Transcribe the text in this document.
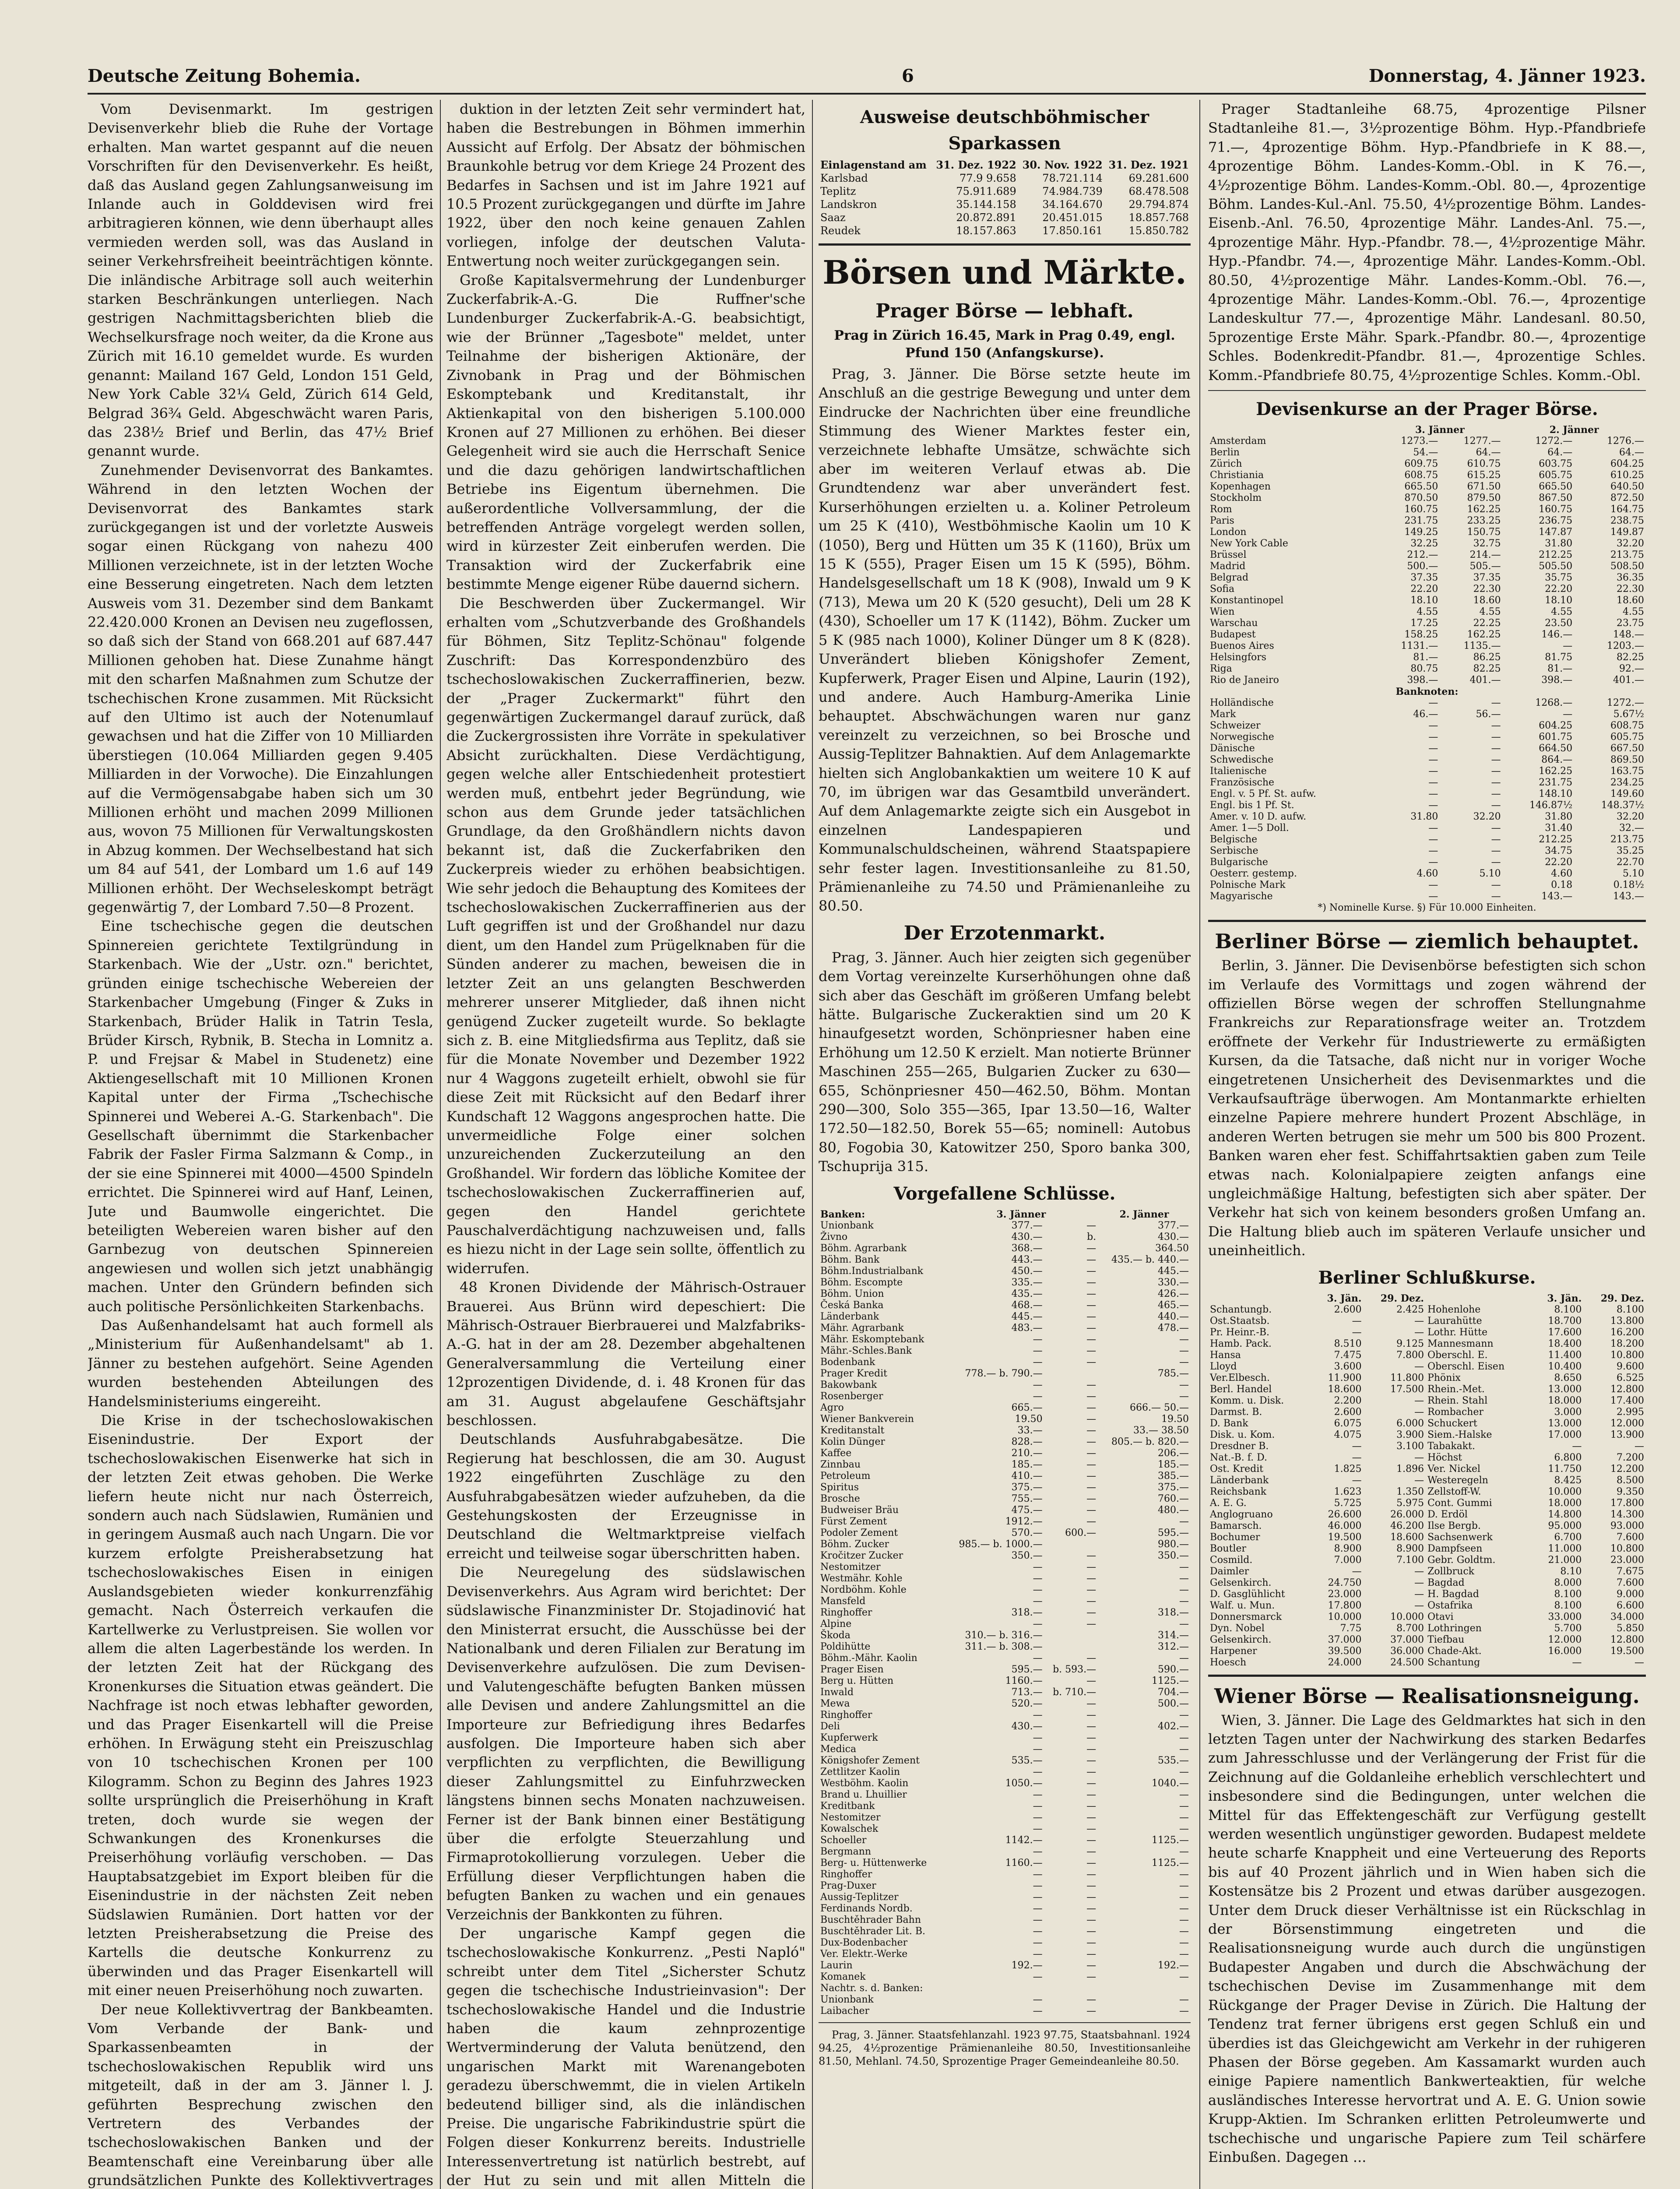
Deutsche Zeitung Bohemia.	6	Donnerstag, 4. Jänner 1923.

Vom Devisenmarkt. Im gestrigen Devisenverkehr blieb die Ruhe der Vortage erhalten. Man wartet gespannt auf die neuen Vorschriften für den Devisenverkehr. Es heißt, daß das Ausland gegen Zahlungsanweisung im Inlande auch in Golddevisen wird frei arbitragieren können, wie denn überhaupt alles vermieden werden soll, was das Ausland in seiner Verkehrsfreiheit beeinträchtigen könnte. Die inländische Arbitrage soll auch weiterhin starken Beschränkungen unterliegen. Nach gestrigen Nachmittagsberichten blieb die Wechselkursfrage noch weiter, da die Krone aus Zürich mit 16.10 gemeldet wurde. Es wurden genannt: Mailand 167 Geld, London 151 Geld, New York Cable 32¼ Geld, Zürich 614 Geld, Belgrad 36¾ Geld. Abgeschwächt waren Paris, das 238½ Brief und Berlin, das 47½ Brief genannt wurde.

Zunehmender Devisenvorrat des Bankamtes. Während in den letzten Wochen der Devisenvorrat des Bankamtes stark zurückgegangen ist und der vorletzte Ausweis sogar einen Rückgang von nahezu 400 Millionen verzeichnete, ist in der letzten Woche eine Besserung eingetreten. Nach dem letzten Ausweis vom 31. Dezember sind dem Bankamt 22.420.000 Kronen an Devisen neu zugeflossen, so daß sich der Stand von 668.201 auf 687.447 Millionen gehoben hat. Diese Zunahme hängt mit den scharfen Maßnahmen zum Schutze der tschechischen Krone zusammen. Mit Rücksicht auf den Ultimo ist auch der Notenumlauf gewachsen und hat die Ziffer von 10 Milliarden überstiegen (10.064 Milliarden gegen 9.405 Milliarden in der Vorwoche). Die Einzahlungen auf die Vermögensabgabe haben sich um 30 Millionen erhöht und machen 2099 Millionen aus, wovon 75 Millionen für Verwaltungskosten in Abzug kommen. Der Wechselbestand hat sich um 84 auf 541, der Lombard um 1.6 auf 149 Millionen erhöht. Der Wechseleskompt beträgt gegenwärtig 7, der Lombard 7.50—8 Prozent.

Eine tschechische gegen die deutschen Spinnereien gerichtete Textilgründung in Starkenbach. Wie der „Ustr. ozn." berichtet, gründen einige tschechische Webereien der Starkenbacher Umgebung (Finger & Zuks in Starkenbach, Brüder Halik in Tatrin Tesla, Brüder Kirsch, Rybnik, B. Stecha in Lomnitz a. P. und Frejsar & Mabel in Studenetz) eine Aktiengesellschaft mit 10 Millionen Kronen Kapital unter der Firma „Tschechische Spinnerei und Weberei A.-G. Starkenbach". Die Gesellschaft übernimmt die Starkenbacher Fabrik der Fasler Firma Salzmann & Comp., in der sie eine Spinnerei mit 4000—4500 Spindeln errichtet. Die Spinnerei wird auf Hanf, Leinen, Jute und Baumwolle eingerichtet. Die beteiligten Webereien waren bisher auf den Garnbezug von deutschen Spinnereien angewiesen und wollen sich jetzt unabhängig machen. Unter den Gründern befinden sich auch politische Persönlichkeiten Starkenbachs.

Das Außenhandelsamt hat auch formell als „Ministerium für Außenhandelsamt" ab 1. Jänner zu bestehen aufgehört. Seine Agenden wurden bestehenden Abteilungen des Handelsministeriums eingereiht.

Die Krise in der tschechoslowakischen Eisenindustrie. Der Export der tschechoslowakischen Eisenwerke hat sich in der letzten Zeit etwas gehoben. Die Werke liefern heute nicht nur nach Österreich, sondern auch nach Südslawien, Rumänien und in geringem Ausmaß auch nach Ungarn. Die vor kurzem erfolgte Preisherabsetzung hat tschechoslowakisches Eisen in einigen Auslandsgebieten wieder konkurrenzfähig gemacht. Nach Österreich verkaufen die Kartellwerke zu Verlustpreisen. Sie wollen vor allem die alten Lagerbestände los werden. In der letzten Zeit hat der Rückgang des Kronenkurses die Situation etwas geändert. Die Nachfrage ist noch etwas lebhafter geworden, und das Prager Eisenkartell will die Preise erhöhen. In Erwägung steht ein Preiszuschlag von 10 tschechischen Kronen per 100 Kilogramm. Schon zu Beginn des Jahres 1923 sollte ursprünglich die Preiserhöhung in Kraft treten, doch wurde sie wegen der Schwankungen des Kronenkurses die Preiserhöhung vorläufig verschoben. — Das Hauptabsatzgebiet im Export bleiben für die Eisenindustrie in der nächsten Zeit neben Südslawien Rumänien. Dort hatten vor der letzten Preisherabsetzung die Preise des Kartells die deutsche Konkurrenz zu überwinden und das Prager Eisenkartell will mit einer neuen Preiserhöhung noch zuwarten.

Der neue Kollektivvertrag der Bankbeamten. Vom Verbande der Bank- und Sparkassenbeamten in der tschechoslowakischen Republik wird uns mitgeteilt, daß in der am 3. Jänner l. J. geführten Besprechung zwischen den Vertretern des Verbandes der tschechoslowakischen Banken und der Beamtenschaft eine Vereinbarung über alle grundsätzlichen Punkte des Kollektivvertrages

duktion in der letzten Zeit sehr vermindert hat, haben die Bestrebungen in Böhmen immerhin Aussicht auf Erfolg. Der Absatz der böhmischen Braunkohle betrug vor dem Kriege 24 Prozent des Bedarfes in Sachsen und ist im Jahre 1921 auf 10.5 Prozent zurückgegangen und dürfte im Jahre 1922, über den noch keine genauen Zahlen vorliegen, infolge der deutschen Valuta-Entwertung noch weiter zurückgegangen sein.

Große Kapitalsvermehrung der Lundenburger Zuckerfabrik-A.-G. Die Ruffner'sche Lundenburger Zuckerfabrik-A.-G. beabsichtigt, wie der Brünner „Tagesbote" meldet, unter Teilnahme der bisherigen Aktionäre, der Zivnobank in Prag und der Böhmischen Eskomptebank und Kreditanstalt, ihr Aktienkapital von den bisherigen 5.100.000 Kronen auf 27 Millionen zu erhöhen. Bei dieser Gelegenheit wird sie auch die Herrschaft Senice und die dazu gehörigen landwirtschaftlichen Betriebe ins Eigentum übernehmen. Die außerordentliche Vollversammlung, der die betreffenden Anträge vorgelegt werden sollen, wird in kürzester Zeit einberufen werden. Die Transaktion wird der Zuckerfabrik eine bestimmte Menge eigener Rübe dauernd sichern.

Die Beschwerden über Zuckermangel. Wir erhalten vom „Schutzverbande des Großhandels für Böhmen, Sitz Teplitz-Schönau" folgende Zuschrift: Das Korrespondenzbüro des tschechoslowakischen Zuckerraffinerien, bezw. der „Prager Zuckermarkt" führt den gegenwärtigen Zuckermangel darauf zurück, daß die Zuckergrossisten ihre Vorräte in spekulativer Absicht zurückhalten. Diese Verdächtigung, gegen welche aller Entschiedenheit protestiert werden muß, entbehrt jeder Begründung, wie schon aus dem Grunde jeder tatsächlichen Grundlage, da den Großhändlern nichts davon bekannt ist, daß die Zuckerfabriken den Zuckerpreis wieder zu erhöhen beabsichtigen. Wie sehr jedoch die Behauptung des Komitees der tschechoslowakischen Zuckerraffinerien aus der Luft gegriffen ist und der Großhandel nur dazu dient, um den Handel zum Prügelknaben für die Sünden anderer zu machen, beweisen die in letzter Zeit an uns gelangten Beschwerden mehrerer unserer Mitglieder, daß ihnen nicht genügend Zucker zugeteilt wurde. So beklagte sich z. B. eine Mitgliedsfirma aus Teplitz, daß sie für die Monate November und Dezember 1922 nur 4 Waggons zugeteilt erhielt, obwohl sie für diese Zeit mit Rücksicht auf den Bedarf ihrer Kundschaft 12 Waggons angesprochen hatte. Die unvermeidliche Folge einer solchen unzureichenden Zuckerzuteilung an den Großhandel. Wir fordern das löbliche Komitee der tschechoslowakischen Zuckerraffinerien auf, gegen den Handel gerichtete Pauschalverdächtigung nachzuweisen und, falls es hiezu nicht in der Lage sein sollte, öffentlich zu widerrufen.

48 Kronen Dividende der Mährisch-Ostrauer Brauerei. Aus Brünn wird depeschiert: Die Mährisch-Ostrauer Bierbrauerei und Malzfabriks-A.-G. hat in der am 28. Dezember abgehaltenen Generalversammlung die Verteilung einer 12prozentigen Dividende, d. i. 48 Kronen für das am 31. August abgelaufene Geschäftsjahr beschlossen.

Deutschlands Ausfuhrabgabesätze. Die Regierung hat beschlossen, die am 30. August 1922 eingeführten Zuschläge zu den Ausfuhrabgabesätzen wieder aufzuheben, da die Gestehungskosten der Erzeugnisse in Deutschland die Weltmarktpreise vielfach erreicht und teilweise sogar überschritten haben.

Die Neuregelung des südslawischen Devisenverkehrs. Aus Agram wird berichtet: Der südslawische Finanzminister Dr. Stojadinović hat den Ministerrat ersucht, die Ausschüsse bei der Nationalbank und deren Filialen zur Beratung im Devisenverkehre aufzulösen. Die zum Devisen- und Valutengeschäfte befugten Banken müssen alle Devisen und andere Zahlungsmittel an die Importeure zur Befriedigung ihres Bedarfes ausfolgen. Die Importeure haben sich aber verpflichten zu verpflichten, die Bewilligung dieser Zahlungsmittel zu Einfuhrzwecken längstens binnen sechs Monaten nachzuweisen. Ferner ist der Bank binnen einer Bestätigung über die erfolgte Steuerzahlung und Firmaprotokollierung vorzulegen. Ueber die Erfüllung dieser Verpflichtungen haben die befugten Banken zu wachen und ein genaues Verzeichnis der Bankkonten zu führen.

Der ungarische Kampf gegen die tschechoslowakische Konkurrenz. „Pesti Napló" schreibt unter dem Titel „Sicherster Schutz gegen die tschechische Industrieinvasion": Der tschechoslowakische Handel und die Industrie haben die kaum zehnprozentige Wertverminderung der Valuta benützend, den ungarischen Markt mit Warenangeboten geradezu überschwemmt, die in vielen Artikeln bedeutend billiger sind, als die inländischen Preise. Die ungarische Fabrikindustrie spürt die Folgen dieser Konkurrenz bereits. Industrielle Interessenvertretung ist natürlich bestrebt, auf der Hut zu sein und mit allen Mitteln die

Ausweise deutschböhmischer Sparkassen
Einlagenstand am	31. Dez. 1922	30. Nov. 1922	31. Dez. 1921
Karlsbad	77.9 9.658	78.721.114	69.281.600
Teplitz	75.911.689	74.984.739	68.478.508
Landskron	35.144.158	34.164.670	29.794.874
Saaz	20.872.891	20.451.015	18.857.768
Reudek	18.157.863	17.850.161	15.850.782
Börsen und Märkte.
Prager Börse — lebhaft.
Prag in Zürich 16.45, Mark in Prag 0.49, engl. Pfund 150 (Anfangskurse).

Prag, 3. Jänner. Die Börse setzte heute im Anschluß an die gestrige Bewegung und unter dem Eindrucke der Nachrichten über eine freundliche Stimmung des Wiener Marktes fester ein, verzeichnete lebhafte Umsätze, schwächte sich aber im weiteren Verlauf etwas ab. Die Grundtendenz war aber unverändert fest. Kurserhöhungen erzielten u. a. Koliner Petroleum um 25 K (410), Westböhmische Kaolin um 10 K (1050), Berg und Hütten um 35 K (1160), Brüx um 15 K (555), Prager Eisen um 15 K (595), Böhm. Handelsgesellschaft um 18 K (908), Inwald um 9 K (713), Mewa um 20 K (520 gesucht), Deli um 28 K (430), Schoeller um 17 K (1142), Böhm. Zucker um 5 K (985 nach 1000), Koliner Dünger um 8 K (828). Unverändert blieben Königshofer Zement, Kupferwerk, Prager Eisen und Alpine, Laurin (192), und andere. Auch Hamburg-Amerika Linie behauptet. Abschwächungen waren nur ganz vereinzelt zu verzeichnen, so bei Brosche und Aussig-Teplitzer Bahnaktien. Auf dem Anlagemarkte hielten sich Anglobankaktien um weitere 10 K auf 70, im übrigen war das Gesamtbild unverändert. Auf dem Anlagemarkte zeigte sich ein Ausgebot in einzelnen Landespapieren und Kommunalschuldscheinen, während Staatspapiere sehr fester lagen. Investitionsanleihe zu 81.50, Prämienanleihe zu 74.50 und Prämienanleihe zu 80.50.

Der Erzotenmarkt.

Prag, 3. Jänner. Auch hier zeigten sich gegenüber dem Vortag vereinzelte Kurserhöhungen ohne daß sich aber das Geschäft im größeren Umfang belebt hätte. Bulgarische Zuckeraktien sind um 20 K hinaufgesetzt worden, Schönpriesner haben eine Erhöhung um 12.50 K erzielt. Man notierte Brünner Maschinen 255—265, Bulgarien Zucker zu 630—655, Schönpriesner 450—462.50, Böhm. Montan 290—300, Solo 355—365, Ipar 13.50—16, Walter 172.50—182.50, Borek 55—65; nominell: Autobus 80, Fogobia 30, Katowitzer 250, Sporo banka 300, Tschuprija 315.

Vorgefallene Schlüsse.
Banken:	3. Jänner		2. Jänner
Unionbank	377.—	—	377.—
Živno	430.—	b.	430.—
Böhm. Agrarbank	368.—	—	364.50
Böhm. Bank	443.—	—	435.— b. 440.—
Böhm.Industrialbank	450.—	—	445.—
Böhm. Escompte	335.—	—	330.—
Böhm. Union	435.—	—	426.—
Česká Banka	468.—	—	465.—
Länderbank	445.—	—	440.—
Mähr. Agrarbank	483.—	—	478.—
Mähr. Eskomptebank	—	—	—
Mähr.-Schles.Bank	—	—	—
Bodenbank	—	—	—
Prager Kredit	778.— b. 790.—		785.—
Bakowbank	—	—	—
Rosenberger	—	—	—
Agro	665.—	—	666.— 50.—
Wiener Bankverein	19.50	—	19.50
Kreditanstalt	33.—	—	33.— 38.50
Kolin Dünger	828.—	—	805.— b. 820.—
Kaffee	210.—	—	206.—
Zinnbau	185.—	—	185.—
Petroleum	410.—	—	385.—
Spiritus	375.—	—	375.—
Brosche	755.—	—	760.—
Budweiser Bräu	475.—	—	480.—
Fürst Zement	1912.—	—	—
Podoler Zement	570.—	600.—	595.—
Böhm. Zucker	985.— b. 1000.—		980.—
Kročitzer Zucker	350.—	—	350.—
Nestomitzer	—	—	—
Westmähr. Kohle	—	—	—
Nordböhm. Kohle	—	—	—
Mansfeld	—	—	—
Ringhoffer	318.—	—	318.—
Alpine	—	—	—
Škoda	310.— b. 316.—		314.—
Poldihütte	311.— b. 308.—		312.—
Böhm.-Mähr. Kaolin	—	—	—
Prager Eisen	595.—	b. 593.—	590.—
Berg u. Hütten	1160.—	—	1125.—
Inwald	713.—	b. 710.—	704.—
Mewa	520.—	—	500.—
Ringhoffer	—	—	—
Deli	430.—	—	402.—
Kupferwerk	—	—	—
Medica	—	—	—
Königshofer Zement	535.—	—	535.—
Zettlitzer Kaolin	—	—	—
Westböhm. Kaolin	1050.—	—	1040.—
Brand u. Lhuillier	—	—	—
Kreditbank	—	—	—
Nestomitzer	—	—	—
Kowalschek	—	—	—
Schoeller	1142.—	—	1125.—
Bergmann	—	—	—
Berg- u. Hüttenwerke	1160.—	—	1125.—
Ringhoffer	—	—	—
Prag-Duxer	—	—	—
Aussig-Teplitzer	—	—	—
Ferdinands Nordb.	—	—	—
Buschtěhrader Bahn	—	—	—
Buschtěhrader Lit. B.	—	—	—
Dux-Bodenbacher	—	—	—
Ver. Elektr.-Werke	—	—	—
Laurin	192.—	—	192.—
Komanek	—	—	—
Nachtr. s. d. Banken:			
Unionbank	—	—	—
Laibacher	—	—	—

Prag, 3. Jänner. Staatsfehlanzahl. 1923 97.75, Staatsbahnanl. 1924 94.25, 4½prozentige Prämienanleihe 80.50, Investitionsanleihe 81.50, Mehlanl. 74.50, Sprozentige Prager Gemeindeanleihe 80.50.

Prager Stadtanleihe 68.75, 4prozentige Pilsner Stadtanleihe 81.—, 3½prozentige Böhm. Hyp.-Pfandbriefe 71.—, 4prozentige Böhm. Hyp.-Pfandbriefe in K 88.—, 4prozentige Böhm. Landes-Komm.-Obl. in K 76.—, 4½prozentige Böhm. Landes-Komm.-Obl. 80.—, 4prozentige Böhm. Landes-Kul.-Anl. 75.50, 4½prozentige Böhm. Landes-Eisenb.-Anl. 76.50, 4prozentige Mähr. Landes-Anl. 75.—, 4prozentige Mähr. Hyp.-Pfandbr. 78.—, 4½prozentige Mähr. Hyp.-Pfandbr. 74.—, 4prozentige Mähr. Landes-Komm.-Obl. 80.50, 4½prozentige Mähr. Landes-Komm.-Obl. 76.—, 4prozentige Mähr. Landes-Komm.-Obl. 76.—, 4prozentige Landeskultur 77.—, 4prozentige Mähr. Landesanl. 80.50, 5prozentige Erste Mähr. Spark.-Pfandbr. 80.—, 4prozentige Schles. Bodenkredit-Pfandbr. 81.—, 4prozentige Schles. Komm.-Pfandbriefe 80.75, 4½prozentige Schles. Komm.-Obl.

Devisenkurse an der Prager Börse.
	3. Jänner		2. Jänner	
Amsterdam	1273.—	1277.—	1272.—	1276.—
Berlin	54.—	64.—	64.—	64.—
Zürich	609.75	610.75	603.75	604.25
Christiania	608.75	615.25	605.75	610.25
Kopenhagen	665.50	671.50	665.50	640.50
Stockholm	870.50	879.50	867.50	872.50
Rom	160.75	162.25	160.75	164.75
Paris	231.75	233.25	236.75	238.75
London	149.25	150.75	147.87	149.87
New York Cable	32.25	32.75	31.80	32.20
Brüssel	212.—	214.—	212.25	213.75
Madrid	500.—	505.—	505.50	508.50
Belgrad	37.35	37.35	35.75	36.35
Sofia	22.20	22.30	22.20	22.30
Konstantinopel	18.10	18.60	18.10	18.60
Wien	4.55	4.55	4.55	4.55
Warschau	17.25	22.25	23.50	23.75
Budapest	158.25	162.25	146.—	148.—
Buenos Aires	1131.—	1135.—	—	1203.—
Helsingfors	81.—	86.25	81.75	82.25
Riga	80.75	82.25	81.—	92.—
Rio de Janeiro	398.—	401.—	398.—	401.—
Banknoten:				
Holländische	—	—	1268.—	1272.—
Mark	46.—	56.—	—	5.67½
Schweizer	—	—	604.25	608.75
Norwegische	—	—	601.75	605.75
Dänische	—	—	664.50	667.50
Schwedische	—	—	864.—	869.50
Italienische	—	—	162.25	163.75
Französische	—	—	231.75	234.25
Engl. v. 5 Pf. St. aufw.	—	—	148.10	149.60
Engl. bis 1 Pf. St.	—	—	146.87½	148.37½
Amer. v. 10 D. aufw.	31.80	32.20	31.80	32.20
Amer. 1—5 Doll.	—	—	31.40	32.—
Belgische	—	—	212.25	213.75
Serbische	—	—	34.75	35.25
Bulgarische	—	—	22.20	22.70
Oesterr. gestemp.	4.60	5.10	4.60	5.10
Polnische Mark	—	—	0.18	0.18½
Magyarische	—	—	143.—	143.—
*) Nominelle Kurse. §) Für 10.000 Einheiten.
Berliner Börse — ziemlich behauptet.

Berlin, 3. Jänner. Die Devisenbörse befestigten sich schon im Verlaufe des Vormittags und zogen während der offiziellen Börse wegen der schroffen Stellungnahme Frankreichs zur Reparationsfrage weiter an. Trotzdem eröffnete der Verkehr für Industriewerte zu ermäßigten Kursen, da die Tatsache, daß nicht nur in voriger Woche eingetretenen Unsicherheit des Devisenmarktes und die Verkaufsaufträge überwogen. Am Montanmarkte erhielten einzelne Papiere mehrere hundert Prozent Abschläge, in anderen Werten betrugen sie mehr um 500 bis 800 Prozent. Banken waren eher fest. Schiffahrtsaktien gaben zum Teile etwas nach. Kolonialpapiere zeigten anfangs eine ungleichmäßige Haltung, befestigten sich aber später. Der Verkehr hat sich von keinem besonders großen Umfang an. Die Haltung blieb auch im späteren Verlaufe unsicher und uneinheitlich.

Berliner Schlußkurse.
	3. Jän.	29. Dez.		3. Jän.	29. Dez.
Schantungb.	2.600	2.425	Hohenlohe	8.100	8.100
Ost.Staatsb.	—	—	Laurahütte	18.700	13.800
Pr. Heinr.-B.	—	—	Lothr. Hütte	17.600	16.200
Hamb. Pack.	8.510	9.125	Mannesmann	18.400	18.200
Hansa	7.475	7.800	Oberschl. E.	11.400	10.800
Lloyd	3.600	—	Oberschl. Eisen	10.400	9.600
Ver.Elbesch.	11.900	11.800	Phönix	8.650	6.525
Berl. Handel	18.600	17.500	Rhein.-Met.	13.000	12.800
Komm. u. Disk.	2.200	—	Rhein. Stahl	18.000	17.400
Darmst. B.	2.600	—	Rombacher	3.000	2.995
D. Bank	6.075	6.000	Schuckert	13.000	12.000
Disk. u. Kom.	4.075	3.900	Siem.-Halske	17.000	13.900
Dresdner B.	—	3.100	Tabakakt.	—	—
Nat.-B. f. D.	—	—	Höchst	6.800	7.200
Ost. Kredit	1.825	1.896	Ver. Nickel	11.750	12.200
Länderbank	—	—	Westeregeln	8.425	8.500
Reichsbank	1.623	1.350	Zellstoff-W.	10.000	9.350
A. E. G.	5.725	5.975	Cont. Gummi	18.000	17.800
Anglogruano	26.600	26.000	D. Erdöl	14.800	14.300
Bamarsch.	46.000	46.200	Ilse Bergb.	95.000	93.000
Bochumer	19.500	18.600	Sachsenwerk	6.700	7.600
Boutler	8.900	8.900	Dampfseen	11.000	10.800
Cosmild.	7.000	7.100	Gebr. Goldtm.	21.000	23.000
Daimler	—	—	Zollbruck	8.10	7.675
Gelsenkirch.	24.750	—	Bagdad	8.000	7.600
D. Gasglühlicht	23.000	—	H. Bagdad	8.100	9.000
Walf. u. Mun.	17.800	—	Ostafrika	8.100	6.600
Donnersmarck	10.000	10.000	Otavi	33.000	34.000
Dyn. Nobel	7.75	8.700	Lothringen	5.700	5.850
Gelsenkirch.	37.000	37.000	Tiefbau	12.000	12.800
Harpener	39.500	36.000	Chade-Akt.	16.000	19.500
Hoesch	24.000	24.500	Schantung	—	—
Wiener Börse — Realisationsneigung.

Wien, 3. Jänner. Die Lage des Geldmarktes hat sich in den letzten Tagen unter der Nachwirkung des starken Bedarfes zum Jahresschlusse und der Verlängerung der Frist für die Zeichnung auf die Goldanleihe erheblich verschlechtert und insbesondere sind die Bedingungen, unter welchen die Mittel für das Effektengeschäft zur Verfügung gestellt werden wesentlich ungünstiger geworden. Budapest meldete heute scharfe Knappheit und eine Verteuerung des Reports bis auf 40 Prozent jährlich und in Wien haben sich die Kostensätze bis 2 Prozent und etwas darüber ausgezogen. Unter dem Druck dieser Verhältnisse ist ein Rückschlag in der Börsenstimmung eingetreten und die Realisationsneigung wurde auch durch die ungünstigen Budapester Angaben und durch die Abschwächung der tschechischen Devise im Zusammenhange mit dem Rückgange der Prager Devise in Zürich. Die Haltung der Tendenz trat ferner übrigens erst gegen Schluß ein und überdies ist das Gleichgewicht am Verkehr in der ruhigeren Phasen der Börse gegeben. Am Kassamarkt wurden auch einige Papiere namentlich Bankwerteaktien, für welche ausländisches Interesse hervortrat und A. E. G. Union sowie Krupp-Aktien. Im Schranken erlitten Petroleumwerte und tschechische und ungarische Papiere zum Teil schärfere Einbußen. Dagegen ...
